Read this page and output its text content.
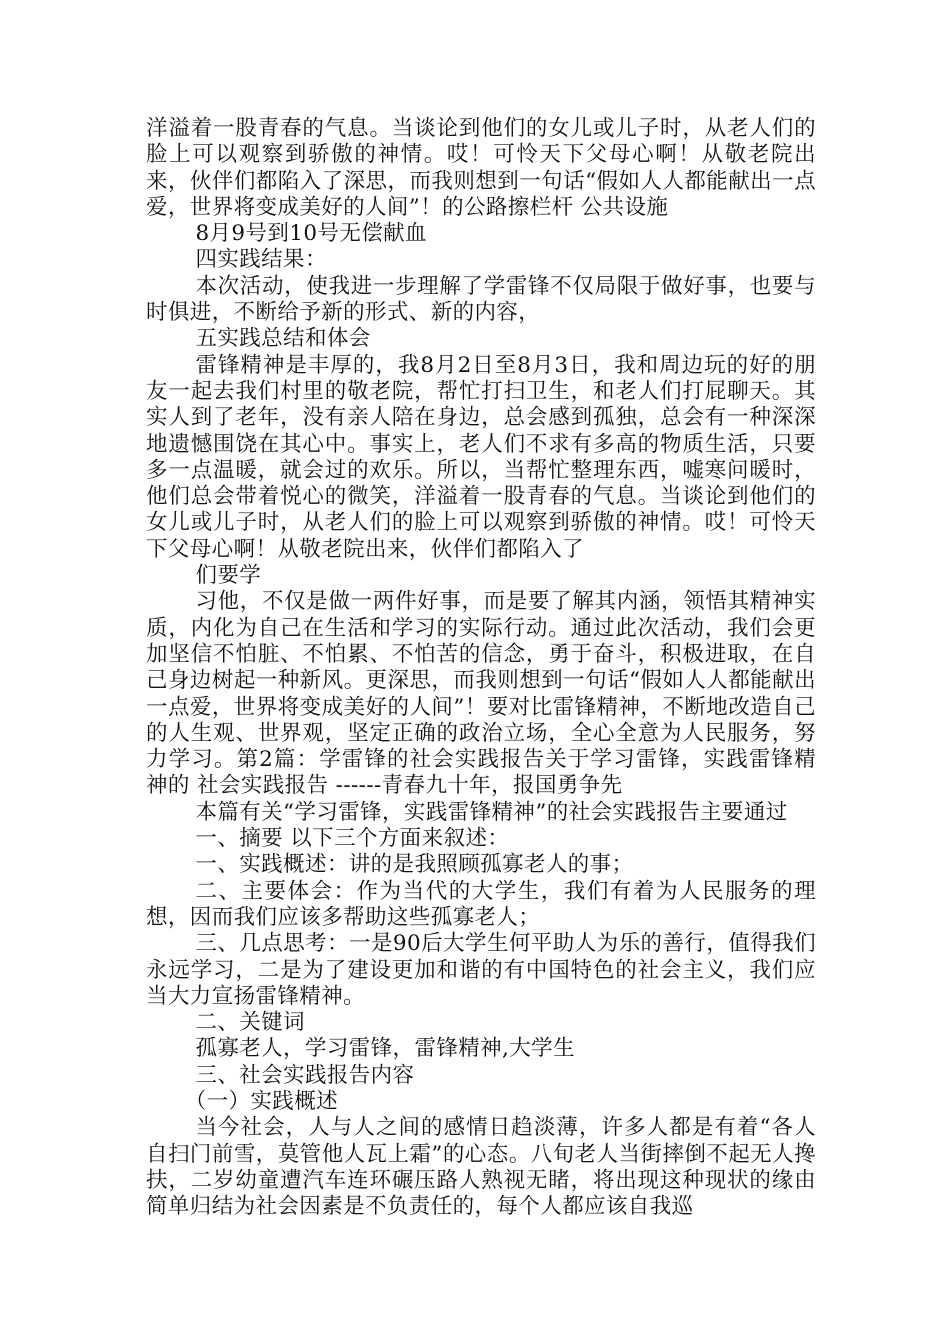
洋溢着一股青春的气息。当谈论到他们的女儿或儿子时，从老人们的脸上可以观察到骄傲的神情。哎！可怜天下父母心啊！从敬老院出来，伙伴们都陷入了深思，而我则想到一句话“假如人人都能献出一点爱，世界将变成美好的人间”！的公路擦栏杆 公共设施

8月9号到10号无偿献血

四实践结果：

本次活动，使我进一步理解了学雷锋不仅局限于做好事，也要与时俱进，不断给予新的形式、新的内容，

五实践总结和体会

雷锋精神是丰厚的，我8月2日至8月3日，我和周边玩的好的朋友一起去我们村里的敬老院，帮忙打扫卫生，和老人们打屁聊天。其实人到了老年，没有亲人陪在身边，总会感到孤独，总会有一种深深地遗憾围饶在其心中。事实上，老人们不求有多高的物质生活，只要多一点温暖，就会过的欢乐。所以，当帮忙整理东西，嘘寒问暖时，他们总会带着悦心的微笑，洋溢着一股青春的气息。当谈论到他们的女儿或儿子时，从老人们的脸上可以观察到骄傲的神情。哎！可怜天下父母心啊！从敬老院出来，伙伴们都陷入了

们要学

习他，不仅是做一两件好事，而是要了解其内涵，领悟其精神实质，内化为自己在生活和学习的实际行动。通过此次活动，我们会更加坚信不怕脏、不怕累、不怕苦的信念，勇于奋斗，积极进取，在自己身边树起一种新风。更深思，而我则想到一句话“假如人人都能献出一点爱，世界将变成美好的人间”！要对比雷锋精神，不断地改造自己的人生观、世界观，坚定正确的政治立场，全心全意为人民服务，努力学习。第2篇：学雷锋的社会实践报告关于学习雷锋，实践雷锋精神的 社会实践报告 ------青春九十年，报国勇争先

本篇有关“学习雷锋，实践雷锋精神”的社会实践报告主要通过

一、摘要 以下三个方面来叙述：

一、实践概述：讲的是我照顾孤寡老人的事；

二、主要体会：作为当代的大学生，我们有着为人民服务的理想，因而我们应该多帮助这些孤寡老人；

三、几点思考：一是90后大学生何平助人为乐的善行，值得我们永远学习，二是为了建设更加和谐的有中国特色的社会主义，我们应当大力宣扬雷锋精神。

二、关键词

孤寡老人，学习雷锋，雷锋精神,大学生

三、社会实践报告内容

（一）实践概述

当今社会，人与人之间的感情日趋淡薄，许多人都是有着“各人自扫门前雪，莫管他人瓦上霜”的心态。八旬老人当街摔倒不起无人搀扶，二岁幼童遭汽车连环碾压路人熟视无睹，将出现这种现状的缘由简单归结为社会因素是不负责任的，每个人都应该自我巡
